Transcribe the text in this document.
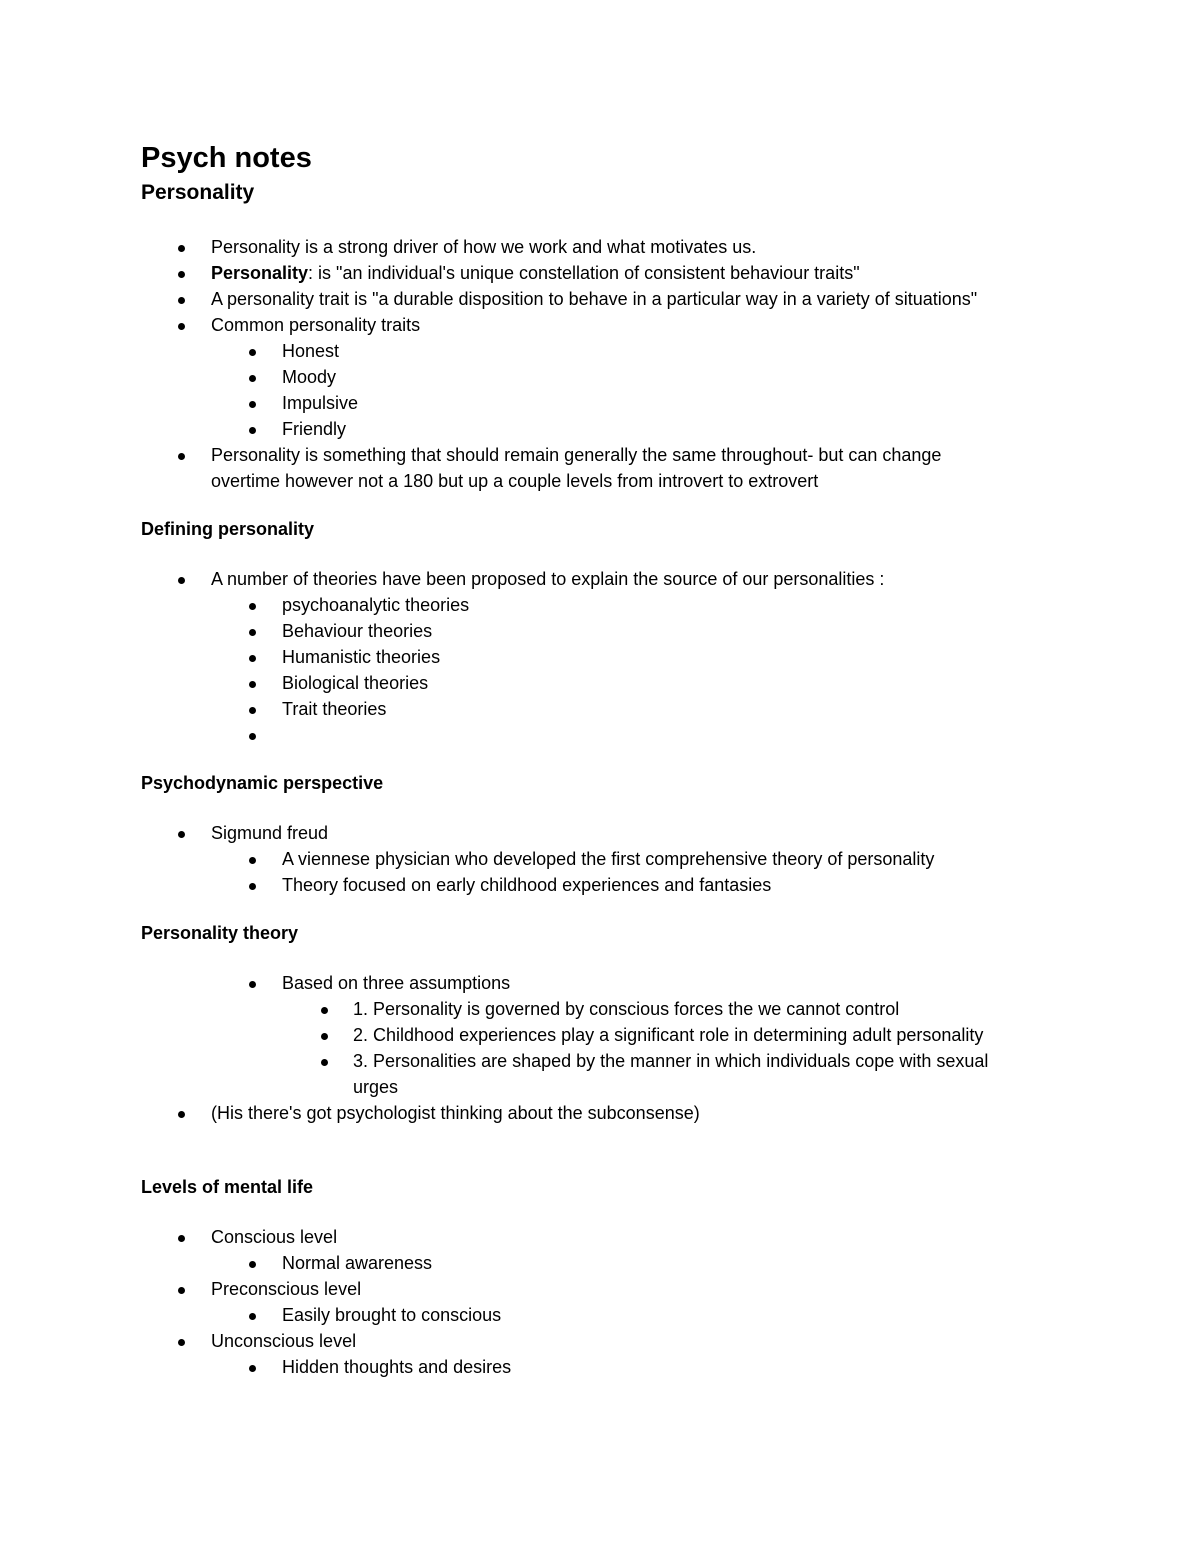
Psych notes
Personality
Personality is a strong driver of how we work and what motivates us.
Personality: is "an individual's unique constellation of consistent behaviour traits"
A personality trait is "a durable disposition to behave in a particular way in a variety of situations"
Common personality traits
Honest
Moody
Impulsive
Friendly
Personality is something that should remain generally the same throughout- but can change
overtime however not a 180 but up a couple levels from introvert to extrovert
Defining personality
A number of theories have been proposed to explain the source of our personalities :
psychoanalytic theories
Behaviour theories
Humanistic theories
Biological theories
Trait theories

Psychodynamic perspective
Sigmund freud
A viennese physician who developed the first comprehensive theory of personality
Theory focused on early childhood experiences and fantasies
Personality theory
Based on three assumptions
1. Personality is governed by conscious forces the we cannot control
2. Childhood experiences play a significant role in determining adult personality
3. Personalities are shaped by the manner in which individuals cope with sexual
urges
(His there's got psychologist thinking about the subconsense)
Levels of mental life
Conscious level
Normal awareness
Preconscious level
Easily brought to conscious
Unconscious level
Hidden thoughts and desires
